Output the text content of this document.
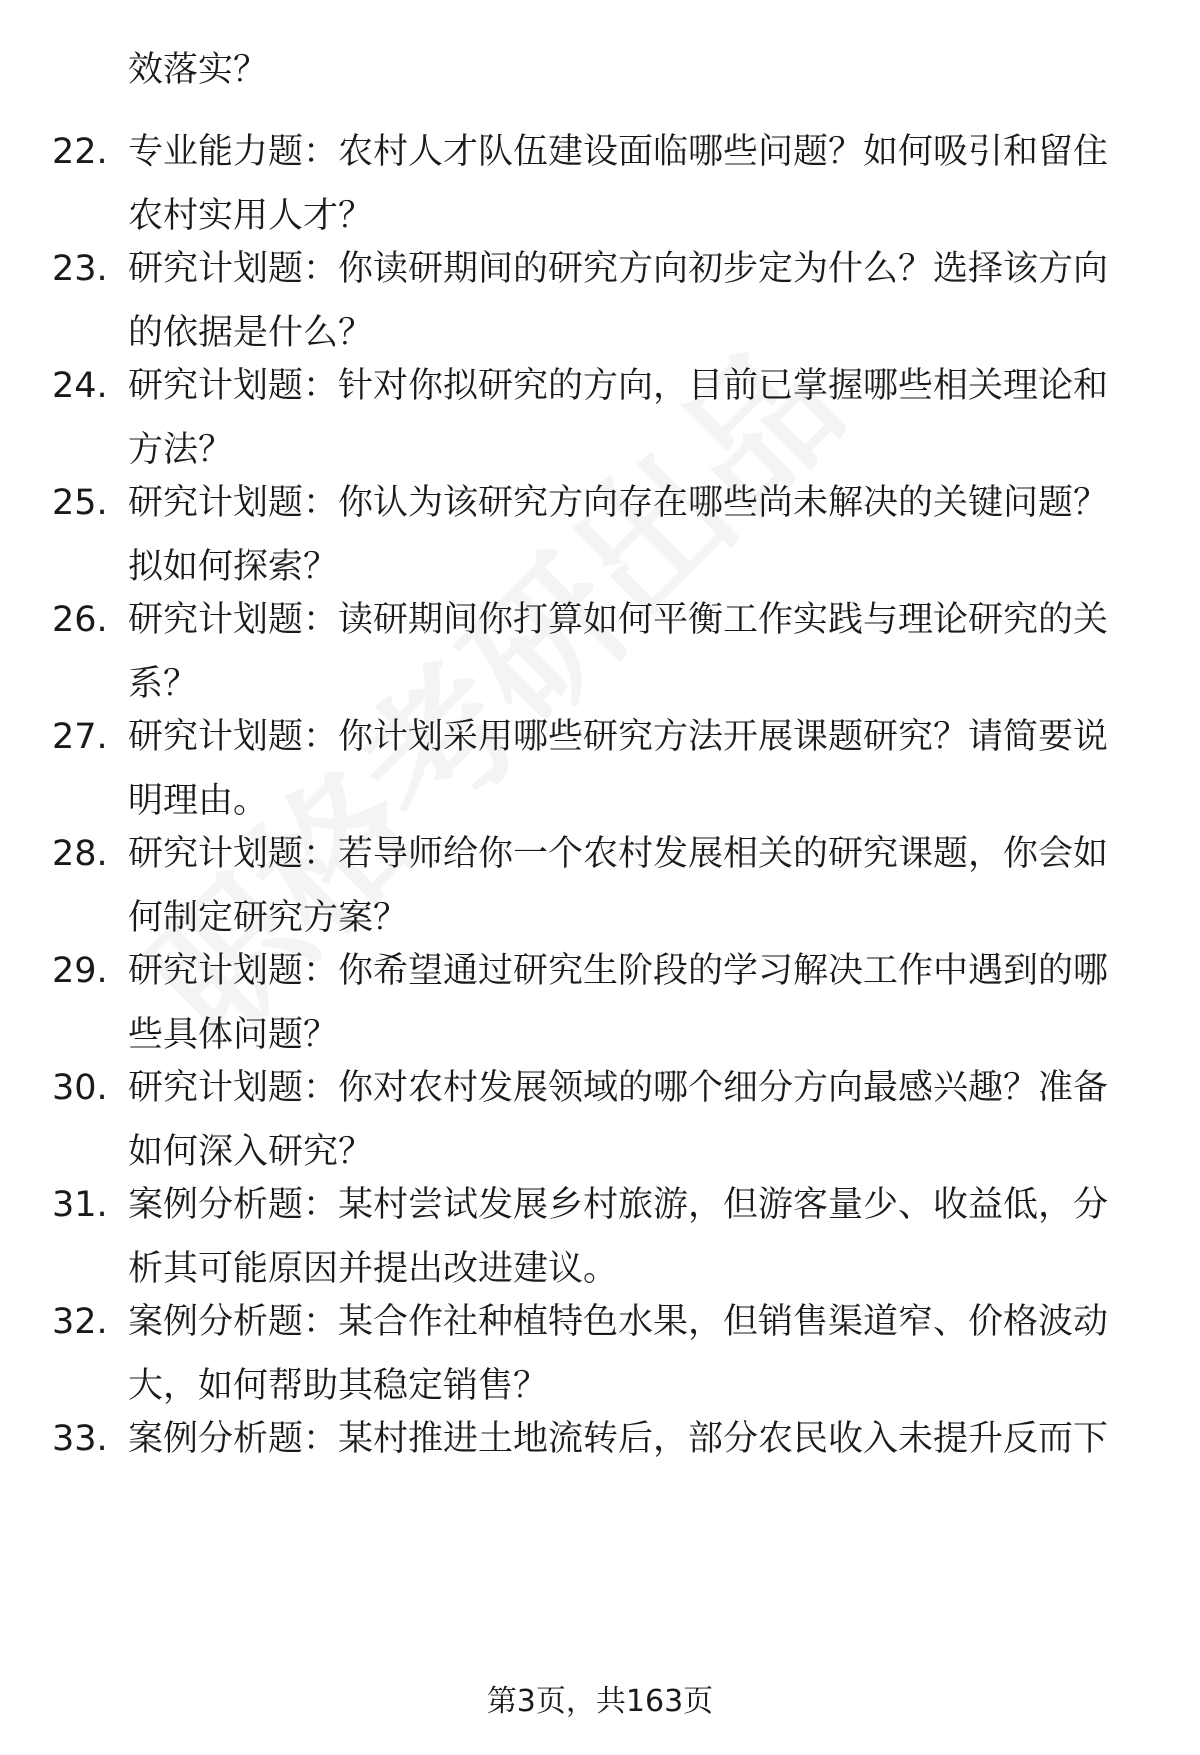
效落实？
22. 专业能力题：农村人才队伍建设面临哪些问题？如何吸引和留住农村实用人才？
23. 研究计划题：你读研期间的研究方向初步定为什么？选择该方向的依据是什么？
24. 研究计划题：针对你拟研究的方向，目前已掌握哪些相关理论和方法？
25. 研究计划题：你认为该研究方向存在哪些尚未解决的关键问题？拟如何探索？
26. 研究计划题：读研期间你打算如何平衡工作实践与理论研究的关系？
27. 研究计划题：你计划采用哪些研究方法开展课题研究？请简要说明理由。
28. 研究计划题：若导师给你一个农村发展相关的研究课题，你会如何制定研究方案？
29. 研究计划题：你希望通过研究生阶段的学习解决工作中遇到的哪些具体问题？
30. 研究计划题：你对农村发展领域的哪个细分方向最感兴趣？准备如何深入研究？
31. 案例分析题：某村尝试发展乡村旅游，但游客量少、收益低，分析其可能原因并提出改进建议。
32. 案例分析题：某合作社种植特色水果，但销售渠道窄、价格波动大，如何帮助其稳定销售？
33. 案例分析题：某村推进土地流转后，部分农民收入未提升反而下
第3页，共163页
